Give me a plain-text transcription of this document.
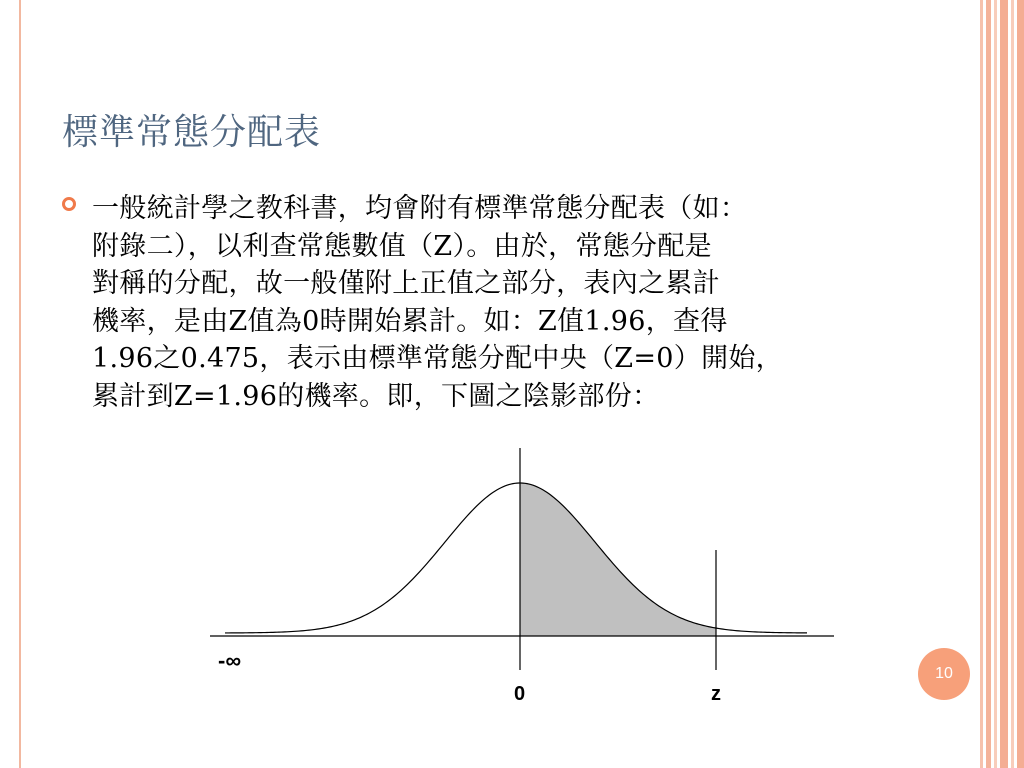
標準常態分配表
一般統計學之教科書，均會附有標準常態分配表（如：
附錄二），以利查常態數值（Z）。由於，常態分配是
對稱的分配，故一般僅附上正值之部分，表內之累計
機率，是由Z值為0時開始累計。如：Z值1.96，查得
1.96之0.475，表示由標準常態分配中央（Z=0）開始，
累計到Z=1.96的機率。即，下圖之陰影部份：
-∞
0	z
10
